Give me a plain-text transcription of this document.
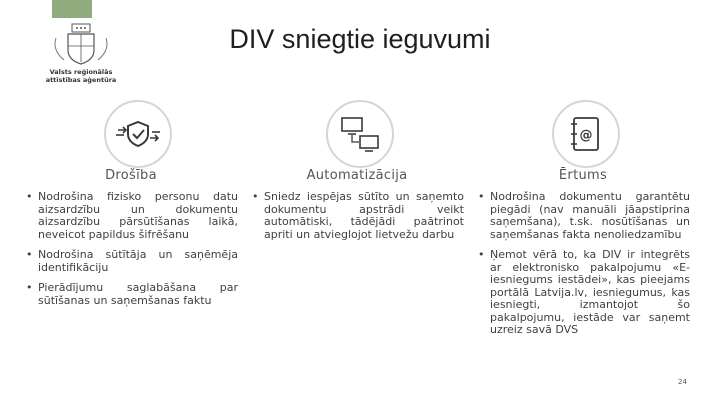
Valsts reģionālās
attīstības aģentūra
DIV sniegtie ieguvumi
@
Drošība
• Nodrošina fizisko personu datu aizsardzību un dokumentu aizsardzību pārsūtīšanas laikā, neveicot papildus šifrēšanu
• Nodrošina sūtītāja un saņēmēja identifikāciju
• Pierādījumu saglabāšana par sūtīšanas un saņemšanas faktu
Automatizācija
• Sniedz iespējas sūtīto un saņemto dokumentu apstrādi veikt automātiski, tādējādi paātrinot apriti un atvieglojot lietvežu darbu
Ērtums
• Nodrošina dokumentu garantētu piegādi (nav manuāli jāapstiprina saņemšana), t.sk. nosūtīšanas un saņemšanas fakta nenoliedzamību
• Ņemot vērā to, ka DIV ir integrēts ar elektronisko pakalpojumu «E-iesniegums iestādei», kas pieejams portālā Latvija.lv, iesniegumus, kas iesniegti, izmantojot šo pakalpojumu, iestāde var saņemt uzreiz savā DVS
24
